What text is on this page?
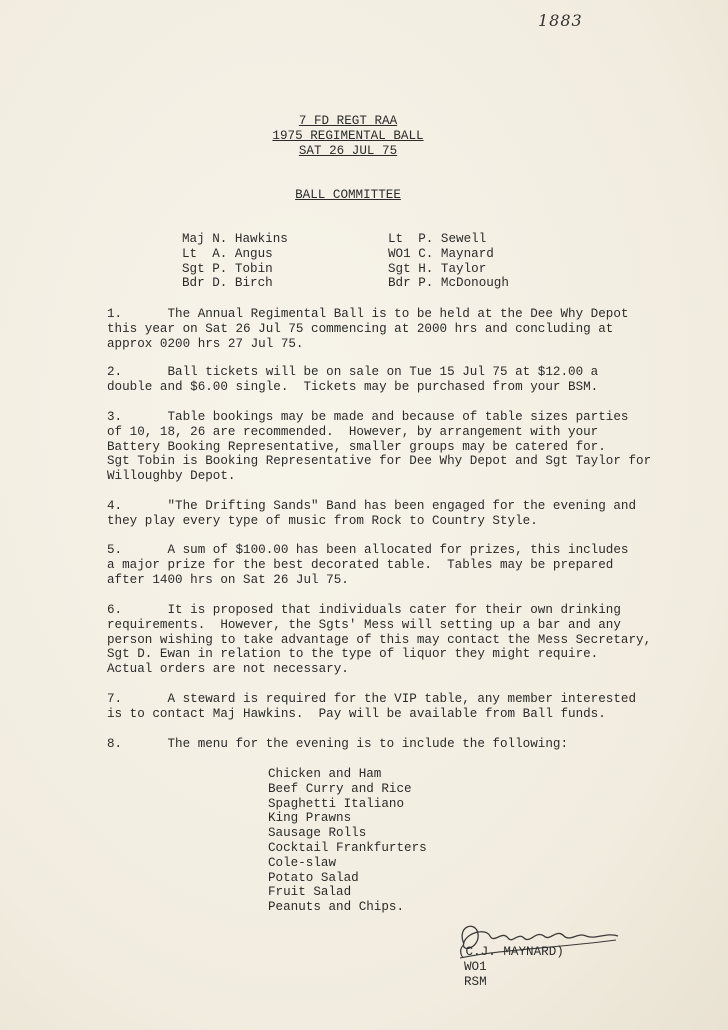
1883
7 FD REGT RAA
1975 REGIMENTAL BALL
SAT 26 JUL 75
BALL COMMITTEE
Maj N. Hawkins	Lt  P. Sewell
Lt  A. Angus	WO1 C. Maynard
Sgt P. Tobin	Sgt H. Taylor
Bdr D. Birch	Bdr P. McDonough

1.      The Annual Regimental Ball is to be held at the Dee Why Depot
this year on Sat 26 Jul 75 commencing at 2000 hrs and concluding at
approx 0200 hrs 27 Jul 75.

2.      Ball tickets will be on sale on Tue 15 Jul 75 at $12.00 a
double and $6.00 single.  Tickets may be purchased from your BSM.

3.      Table bookings may be made and because of table sizes parties
of 10, 18, 26 are recommended.  However, by arrangement with your
Battery Booking Representative, smaller groups may be catered for.
Sgt Tobin is Booking Representative for Dee Why Depot and Sgt Taylor for
Willoughby Depot.

4.      "The Drifting Sands" Band has been engaged for the evening and
they play every type of music from Rock to Country Style.

5.      A sum of $100.00 has been allocated for prizes, this includes
a major prize for the best decorated table.  Tables may be prepared
after 1400 hrs on Sat 26 Jul 75.

6.      It is proposed that individuals cater for their own drinking
requirements.  However, the Sgts' Mess will setting up a bar and any
person wishing to take advantage of this may contact the Mess Secretary,
Sgt D. Ewan in relation to the type of liquor they might require.
Actual orders are not necessary.

7.      A steward is required for the VIP table, any member interested
is to contact Maj Hawkins.  Pay will be available from Ball funds.

8.      The menu for the evening is to include the following:

Chicken and Ham
Beef Curry and Rice
Spaghetti Italiano
King Prawns
Sausage Rolls
Cocktail Frankfurters
Cole-slaw
Potato Salad
Fruit Salad
Peanuts and Chips.
(C.J. MAYNARD)
WO1
RSM
